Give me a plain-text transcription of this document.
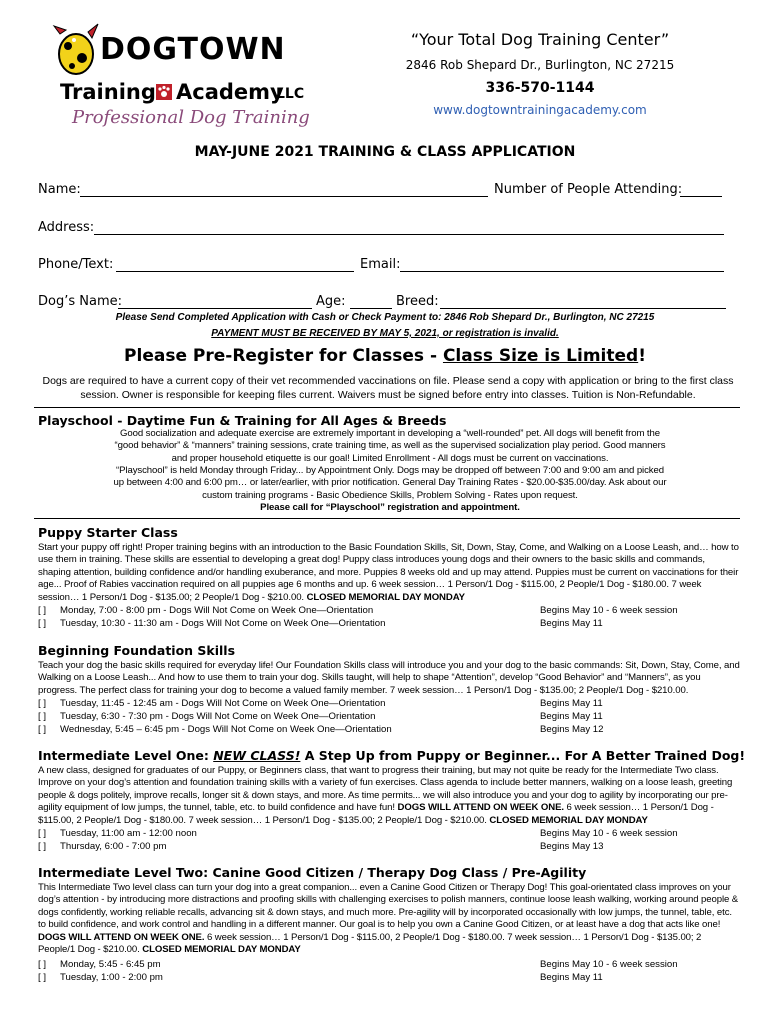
DOGTOWN
Training Academy
LLC
Professional Dog Training
“Your Total Dog Training Center”
2846 Rob Shepard Dr., Burlington, NC 27215
336-570-1144
www.dogtowntrainingacademy.com
MAY-JUNE 2021 TRAINING & CLASS APPLICATION
Name:	Number of People Attending:
Address:
Phone/Text:	Email:
Dog’s Name:	Age:	Breed:
Please Send Completed Application with Cash or Check Payment to: 2846 Rob Shepard Dr., Burlington, NC 27215
PAYMENT MUST BE RECEIVED BY MAY 5, 2021, or registration is invalid.
Please Pre-Register for Classes - Class Size is Limited!
Dogs are required to have a current copy of their vet recommended vaccinations on file. Please send a copy with application or bring to the first class session. Owner is responsible for keeping files current. Waivers must be signed before entry into classes. Tuition is Non-Refundable.
Playschool - Daytime Fun & Training for All Ages & Breeds
Good socialization and adequate exercise are extremely important in developing a “well-rounded” pet. All dogs will benefit from the “good behavior” & “manners” training sessions, crate training time, as well as the supervised socialization play period. Good manners and proper household etiquette is our goal! Limited Enrollment - All dogs must be current on vaccinations.
“Playschool” is held Monday through Friday... by Appointment Only. Dogs may be dropped off between 7:00 and 9:00 am and picked up between 4:00 and 6:00 pm… or later/earlier, with prior notification. General Day Training Rates - $20.00-$35.00/day. Ask about our custom training programs - Basic Obedience Skills, Problem Solving - Rates upon request.
Please call for “Playschool” registration and appointment.
Puppy Starter Class
Start your puppy off right! Proper training begins with an introduction to the Basic Foundation Skills, Sit, Down, Stay, Come, and Walking on a Loose Leash, and… how to use them in training. These skills are essential to developing a great dog! Puppy class introduces young dogs and their owners to the basic skills and commands, shaping attention, building confidence and/or handling exuberance, and more. Puppies 8 weeks old and up may attend. Puppies must be current on vaccinations for their age... Proof of Rabies vaccination required on all puppies age 6 months and up. 6 week session… 1 Person/1 Dog - $115.00, 2 People/1 Dog - $180.00. 7 week session… 1 Person/1 Dog - $135.00; 2 People/1 Dog - $210.00. CLOSED MEMORIAL DAY MONDAY
[ ] Monday, 7:00 - 8:00 pm - Dogs Will Not Come on Week One—Orientation	Begins May 10 - 6 week session
[ ] Tuesday, 10:30 - 11:30 am - Dogs Will Not Come on Week One—Orientation	Begins May 11
Beginning Foundation Skills
Teach your dog the basic skills required for everyday life! Our Foundation Skills class will introduce you and your dog to the basic commands: Sit, Down, Stay, Come, and Walking on a Loose Leash... And how to use them to train your dog. Skills taught, will help to shape “Attention”, develop “Good Behavior” and “Manners”, as you progress. The perfect class for training your dog to become a valued family member. 7 week session… 1 Person/1 Dog - $135.00; 2 People/1 Dog - $210.00.
[ ] Tuesday, 11:45 - 12:45 am - Dogs Will Not Come on Week One—Orientation	Begins May 11
[ ] Tuesday, 6:30 - 7:30 pm - Dogs Will Not Come on Week One—Orientation	Begins May 11
[ ] Wednesday, 5:45 – 6:45 pm - Dogs Will Not Come on Week One—Orientation	Begins May 12
Intermediate Level One: NEW CLASS! A Step Up from Puppy or Beginner... For A Better Trained Dog!
A new class, designed for graduates of our Puppy, or Beginners class, that want to progress their training, but may not quite be ready for the Intermediate Two class. Improve on your dog’s attention and foundation training skills with a variety of fun exercises. Class agenda to include better manners, walking on a loose leash, greeting people & dogs politely, improve recalls, longer sit & down stays, and more. As time permits... we will also introduce you and your dog to agility by incorporating our pre-agility equipment of low jumps, the tunnel, table, etc. to build confidence and have fun! DOGS WILL ATTEND ON WEEK ONE. 6 week session… 1 Person/1 Dog - $115.00, 2 People/1 Dog - $180.00. 7 week session… 1 Person/1 Dog - $135.00; 2 People/1 Dog - $210.00. CLOSED MEMORIAL DAY MONDAY
[ ] Tuesday, 11:00 am - 12:00 noon	Begins May 10 - 6 week session
[ ] Thursday, 6:00 - 7:00 pm	Begins May 13
Intermediate Level Two: Canine Good Citizen / Therapy Dog Class / Pre-Agility
This Intermediate Two level class can turn your dog into a great companion... even a Canine Good Citizen or Therapy Dog! This goal-orientated class improves on your dog’s attention - by introducing more distractions and proofing skills with challenging exercises to polish manners, continue loose leash walking, working around people & dogs confidently, working reliable recalls, advancing sit & down stays, and much more. Pre-agility will by incorporated occasionally with low jumps, the tunnel, table, etc. to build confidence, and work control and handling in a different manner. Our goal is to help you own a Canine Good Citizen, or at least have a dog that acts like one! DOGS WILL ATTEND ON WEEK ONE. 6 week session… 1 Person/1 Dog - $115.00, 2 People/1 Dog - $180.00. 7 week session… 1 Person/1 Dog - $135.00; 2 People/1 Dog - $210.00. CLOSED MEMORIAL DAY MONDAY
[ ] Monday, 5:45 - 6:45 pm	Begins May 10 - 6 week session
[ ] Tuesday, 1:00 - 2:00 pm	Begins May 11
